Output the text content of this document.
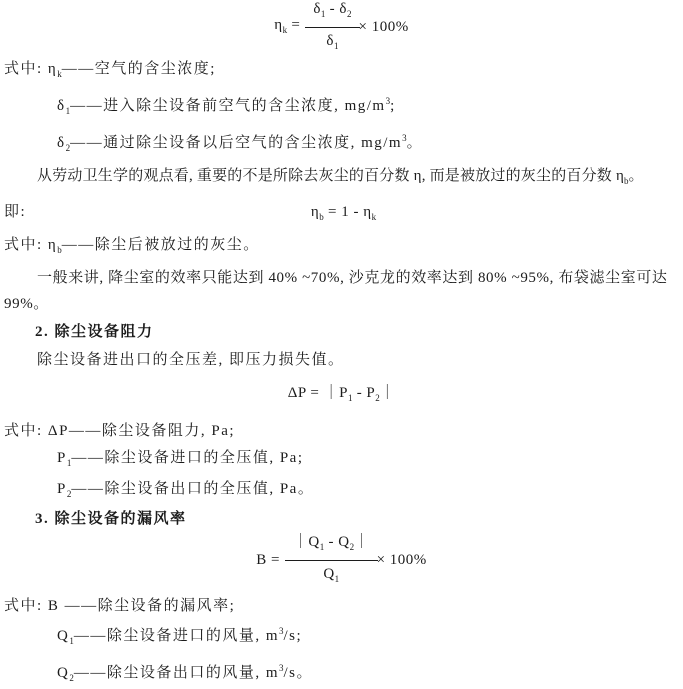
$\eta_k = \frac{\delta_1 - \delta_2}{\delta_1} \times 100\%$

式中: $\eta_k——$空气的含尘浓度;

$\delta_1——$进入除尘设备前空气的含尘浓度, $mg/m^3$;

$\delta_2——$通过除尘设备以后空气的含尘浓度, $mg/m^3$。

从劳动卫生学的观点看, 重要的不是所除去灰尘的百分数 η, 而是被放过的灰尘的百分数 $\eta_b$。

即:	$\eta_b = 1 - \eta_k$

式中: $\eta_b——$除尘后被放过的灰尘。

一般来讲, 降尘室的效率只能达到 40% ~70%, 沙克龙的效率达到 80% ~95%, 布袋滤尘室可达 99%。

2. 除尘设备阻力

除尘设备进出口的全压差, 即压力损失值。

$\Delta P = |P_1$ - $P_2|$

式中: ΔP——除尘设备阻力, Pa;

$P_1——$除尘设备进口的全压值, Pa;

$P_2——$除尘设备出口的全压值, Pa。

3. 除尘设备的漏风率

$B = \frac{|Q_1 - Q_2|}{Q_1} \times 100\%$

式中: B ——除尘设备的漏风率;

$Q_1——$除尘设备进口的风量, $m^3/s$;

$Q_2——$除尘设备出口的风量, $m^3/s$。
